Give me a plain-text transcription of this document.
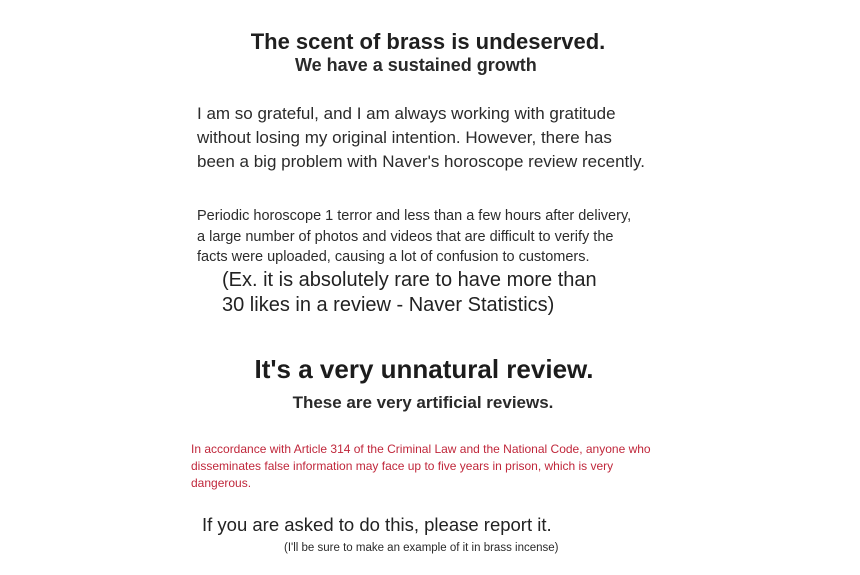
The scent of brass is undeserved.
We have a sustained growth

I am so grateful, and I am always working with gratitude
without losing my original intention. However, there has
been a big problem with Naver's horoscope review recently.

Periodic horoscope 1 terror and less than a few hours after delivery,
a large number of photos and videos that are difficult to verify the
facts were uploaded, causing a lot of confusion to customers.

(Ex. it is absolutely rare to have more than
30 likes in a review - Naver Statistics)

It's a very unnatural review.
These are very artificial reviews.

In accordance with Article 314 of the Criminal Law and the National Code, anyone who
disseminates false information may face up to five years in prison, which is very
dangerous.

If you are asked to do this, please report it.

(I'll be sure to make an example of it in brass incense)
